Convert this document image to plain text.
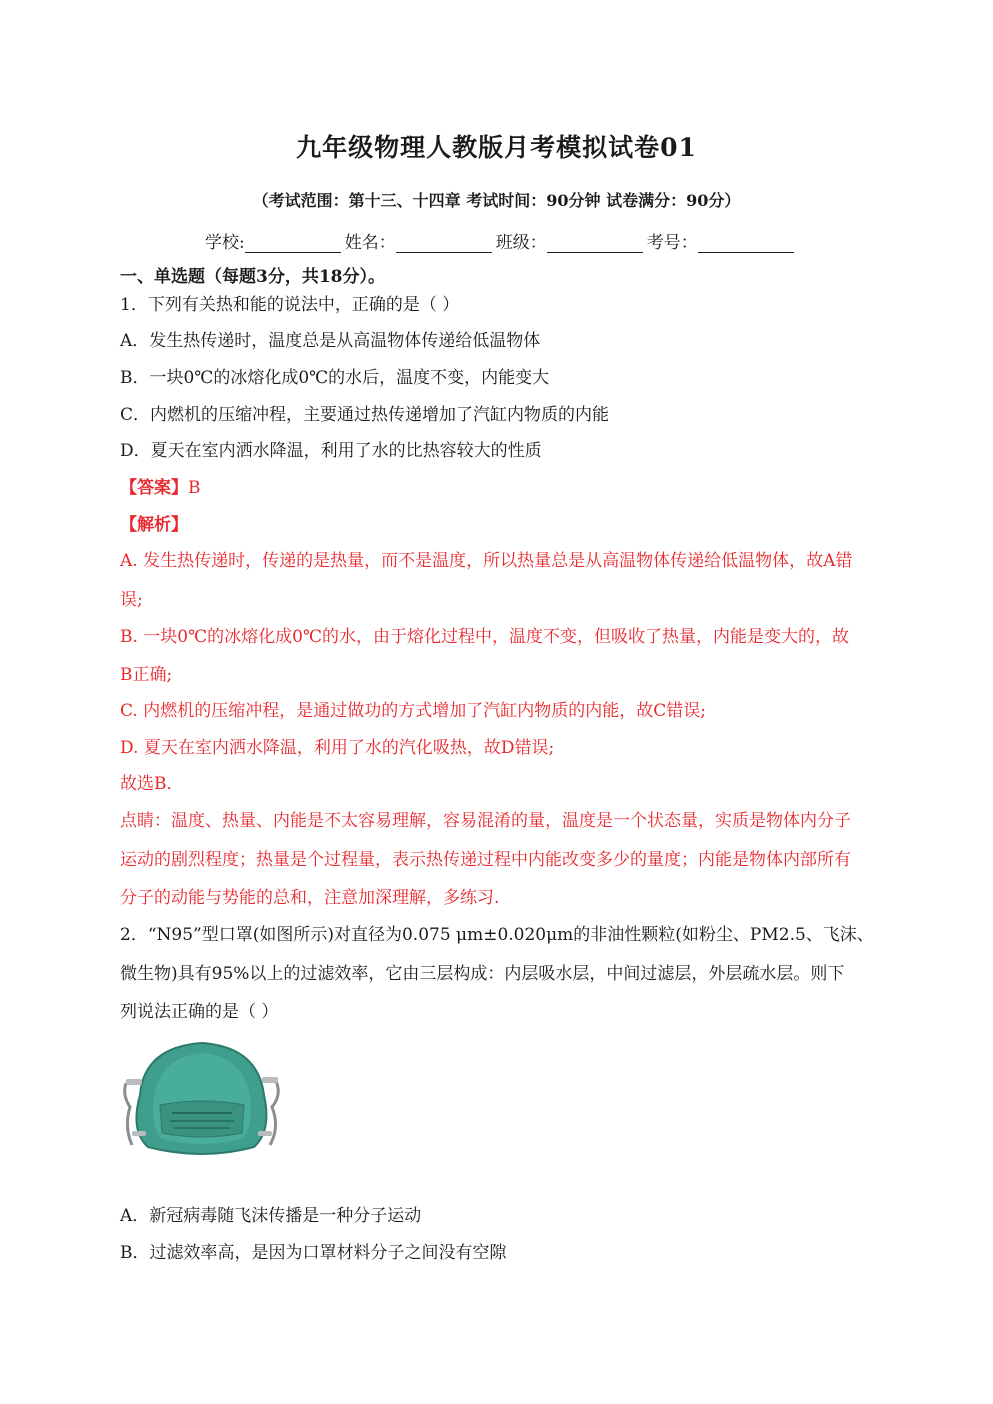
九年级物理人教版月考模拟试卷01
（考试范围：第十三、十四章 考试时间：90分钟 试卷满分：90分）
学校:	姓名：	班级：	考号：
一、单选题（每题3分，共18分）。
1．下列有关热和能的说法中，正确的是（ ）
A．发生热传递时，温度总是从高温物体传递给低温物体
B．一块0℃的冰熔化成0℃的水后，温度不变，内能变大
C．内燃机的压缩冲程，主要通过热传递增加了汽缸内物质的内能
D．夏天在室内洒水降温，利用了水的比热容较大的性质
【答案】B
【解析】
A. 发生热传递时，传递的是热量，而不是温度，所以热量总是从高温物体传递给低温物体，故A错
误;
B. 一块0℃的冰熔化成0℃的水，由于熔化过程中，温度不变，但吸收了热量，内能是变大的，故
B正确;
C. 内燃机的压缩冲程，是通过做功的方式增加了汽缸内物质的内能，故C错误;
D. 夏天在室内洒水降温，利用了水的汽化吸热，故D错误;
故选B．
点睛：温度、热量、内能是不太容易理解，容易混淆的量，温度是一个状态量，实质是物体内分子
运动的剧烈程度；热量是个过程量，表示热传递过程中内能改变多少的量度；内能是物体内部所有
分子的动能与势能的总和，注意加深理解，多练习.
2．“N95”型口罩(如图所示)对直径为0.075 μm±0.020μm的非油性颗粒(如粉尘、PM2.5、飞沫、
微生物)具有95%以上的过滤效率，它由三层构成：内层吸水层，中间过滤层，外层疏水层。则下
列说法正确的是（ ）
A．新冠病毒随飞沫传播是一种分子运动
B．过滤效率高，是因为口罩材料分子之间没有空隙
